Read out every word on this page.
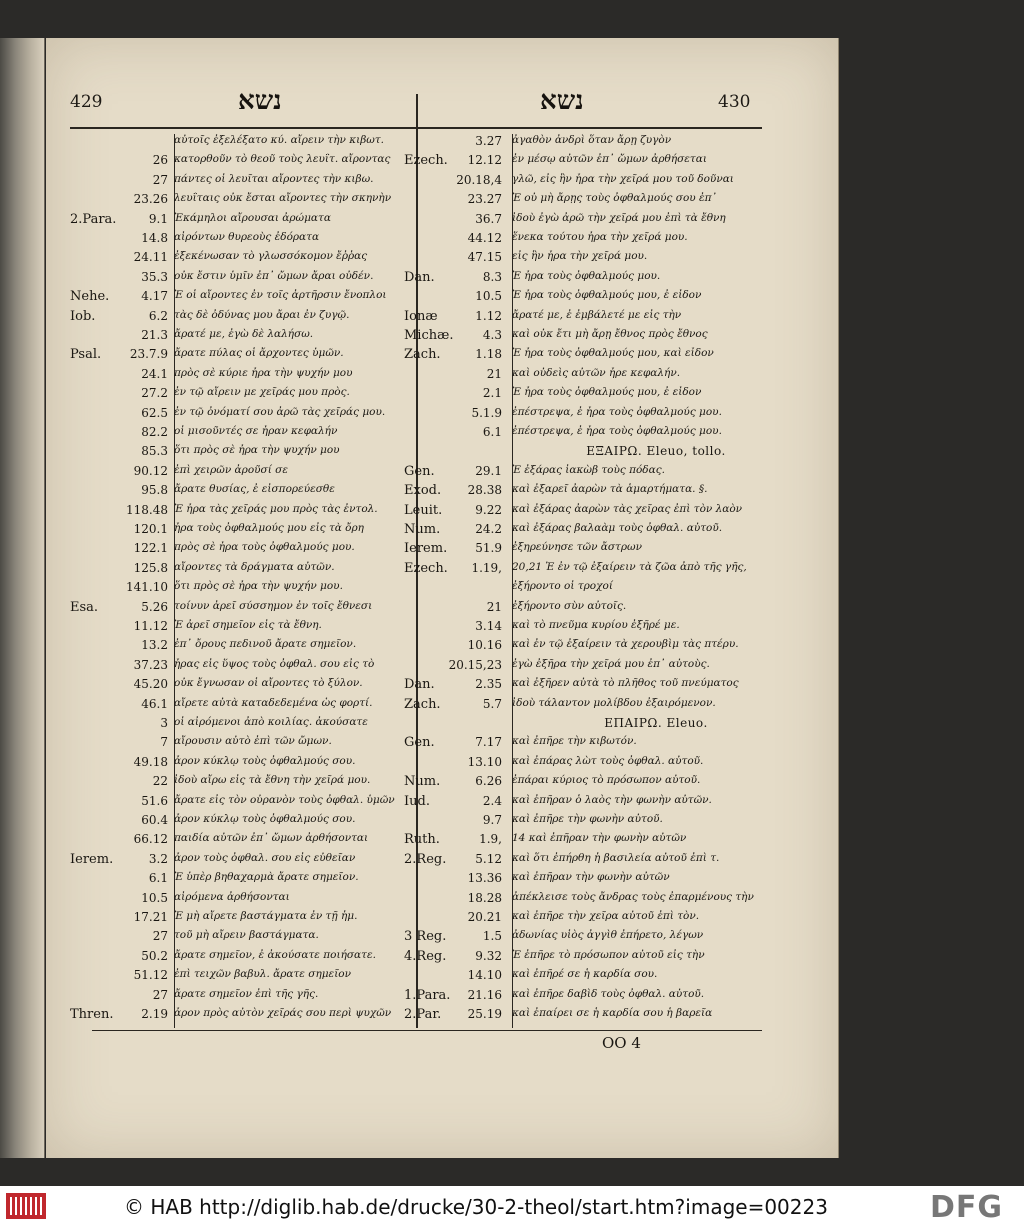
429	נשא	נשא	430
αὐτοῖς ἐξελέξατο κύ. αἴρειν τὴν κιβωτ.
26 κατορθοῦν τὸ θεοῦ τοὺς λευΐτ. αἴροντας
27 πάντες οἱ λευῖται αἴροντες τὴν κιβω.
23.26 λευΐταις οὐκ ἔσται αἴροντες τὴν σκηνὴν
2.Para.	9.1 Ἐκάμηλοι αἴρουσαι ἀρώματα
14.8 αἰρόντων θυρεοὺς ἐδόρατα
24.11 ἐξεκένωσαν τὸ γλωσσόκομον ἔῤῥας
35.3 οὐκ ἔστιν ὑμῖν ἐπ᾽ ὤμων ἄραι οὐδέν.
Nehe.	4.17 Ἐ οἱ αἴροντες ἐν τοῖς ἀρτῆρσιν ἔνοπλοι
Iob.	6.2 τὰς δὲ ὀδύνας μου ἄραι ἐν ζυγῷ.
21.3 ἄρατέ με, ἐγὼ δὲ λαλήσω.
Psal.	23.7.9 ἄρατε πύλας οἱ ἄρχοντες ὑμῶν.
24.1 πρὸς σὲ κύριε ἦρα τὴν ψυχήν μου
27.2 ἐν τῷ αἴρειν με χεῖράς μου πρὸς.
62.5 ἐν τῷ ὀνόματί σου ἀρῶ τὰς χεῖράς μου.
82.2 οἱ μισοῦντές σε ἦραν κεφαλήν
85.3 ὅτι πρὸς σὲ ἦρα τὴν ψυχήν μου
90.12 ἐπὶ χειρῶν ἀροῦσί σε
95.8 ἄρατε θυσίας, ἐ εἰσπορεύεσθε
118.48 Ἐ ἦρα τὰς χεῖράς μου πρὸς τὰς ἐντολ.
120.1 ἦρα τοὺς ὀφθαλμούς μου εἰς τὰ ὄρη
122.1 πρὸς σὲ ἦρα τοὺς ὀφθαλμούς μου.
125.8 αἴροντες τὰ δράγματα αὐτῶν.
141.10 ὅτι πρὸς σὲ ἦρα τὴν ψυχήν μου.
Esa.	5.26 τοίνυν ἀρεῖ σύσσημον ἐν τοῖς ἔθνεσι
11.12 Ἐ ἀρεῖ σημεῖον εἰς τὰ ἔθνη.
13.2 ἐπ᾽ ὄρους πεδινοῦ ἄρατε σημεῖον.
37.23 ἦρας εἰς ὕψος τοὺς ὀφθαλ. σου εἰς τὸ
45.20 οὐκ ἔγνωσαν οἱ αἴροντες τὸ ξύλον.
46.1 αἴρετε αὐτὰ καταδεδεμένα ὡς φορτί.
3 οἱ αἰρόμενοι ἀπὸ κοιλίας. ἀκούσατε
7 αἴρουσιν αὐτὸ ἐπὶ τῶν ὤμων.
49.18 ἆρον κύκλῳ τοὺς ὀφθαλμούς σου.
22 ἰδοὺ αἴρω εἰς τὰ ἔθνη τὴν χεῖρά μου.
51.6 ἄρατε εἰς τὸν οὐρανὸν τοὺς ὀφθαλ. ὑμῶν
60.4 ἆρον κύκλῳ τοὺς ὀφθαλμούς σου.
66.12 παιδία αὐτῶν ἐπ᾽ ὤμων ἀρθήσονται
Ierem.	3.2 ἆρον τοὺς ὀφθαλ. σου εἰς εὐθεῖαν
6.1 Ἐ ὑπὲρ βηθαχαρμὰ ἄρατε σημεῖον.
10.5 αἰρόμενα ἀρθήσονται
17.21 Ἐ μὴ αἴρετε βαστάγματα ἐν τῇ ἡμ.
27 τοῦ μὴ αἴρειν βαστάγματα.
50.2 ἄρατε σημεῖον, ἐ ἀκούσατε ποιήσατε.
51.12 ἐπὶ τειχῶν βαβυλ. ἄρατε σημεῖον
27 ἄρατε σημεῖον ἐπὶ τῆς γῆς.
Thren.	2.19 ἆρον πρὸς αὐτὸν χεῖράς σου περὶ ψυχῶν
3.27 ἀγαθὸν ἀνδρὶ ὅταν ἄρῃ ζυγὸν
Ezech.	12.12 ἐν μέσῳ αὐτῶν ἐπ᾽ ὤμων ἀρθήσεται
20.18,4 γλῶ, εἰς ἣν ἦρα τὴν χεῖρά μου τοῦ δοῦναι
23.27 Ἐ οὐ μὴ ἄρῃς τοὺς ὀφθαλμούς σου ἐπ᾽
36.7 ἰδοὺ ἐγὼ ἀρῶ τὴν χεῖρά μου ἐπὶ τὰ ἔθνη
44.12 ἕνεκα τούτου ἦρα τὴν χεῖρά μου.
47.15 εἰς ἣν ἦρα τὴν χεῖρά μου.
Dan.	8.3 Ἐ ἦρα τοὺς ὀφθαλμούς μου.
10.5 Ἐ ἦρα τοὺς ὀφθαλμούς μου, ἐ εἶδον
Ionæ	1.12 ἄρατέ με, ἐ ἐμβάλετέ με εἰς τὴν
Michæ.	4.3 καὶ οὐκ ἔτι μὴ ἄρῃ ἔθνος πρὸς ἔθνος
Zach.	1.18 Ἐ ἦρα τοὺς ὀφθαλμούς μου, καὶ εἶδον
21 καὶ οὐδεὶς αὐτῶν ἦρε κεφαλήν.
2.1 Ἐ ἦρα τοὺς ὀφθαλμούς μου, ἐ εἶδον
5.1.9 ἐπέστρεψα, ἐ ἦρα τοὺς ὀφθαλμούς μου.
6.1 ἐπέστρεψα, ἐ ἦρα τοὺς ὀφθαλμούς μου.
ΕΞΑΙΡΩ. Eleuo, tollo.
Gen.	29.1 Ἐ ἐξάρας ἰακὼβ τοὺς πόδας.
Exod.	28.38 καὶ ἐξαρεῖ ἀαρὼν τὰ ἁμαρτήματα. §.
Leuit.	9.22 καὶ ἐξάρας ἀαρὼν τὰς χεῖρας ἐπὶ τὸν λαὸν
Num.	24.2 καὶ ἐξάρας βαλαὰμ τοὺς ὀφθαλ. αὐτοῦ.
Ierem.	51.9 ἐξηρεύνησε τῶν ἄστρων
Ezech.	1.19, 20,21 Ἐ ἐν τῷ ἐξαίρειν τὰ ζῶα ἀπὸ τῆς γῆς,
ἐξήροντο οἱ τροχοί
21 ἐξήροντο σὺν αὐτοῖς.
3.14 καὶ τὸ πνεῦμα κυρίου ἐξῆρέ με.
10.16 καὶ ἐν τῷ ἐξαίρειν τὰ χερουβὶμ τὰς πτέρυ.
20.15,23 ἐγὼ ἐξῆρα τὴν χεῖρά μου ἐπ᾽ αὐτοὺς.
Dan.	2.35 καὶ ἐξῆρεν αὐτὰ τὸ πλῆθος τοῦ πνεύματος
Zach.	5.7 ἰδοὺ τάλαντον μολίβδου ἐξαιρόμενον.
ΕΠΑΙΡΩ. Eleuo.
Gen.	7.17 καὶ ἐπῆρε τὴν κιβωτόν.
13.10 καὶ ἐπάρας λὼτ τοὺς ὀφθαλ. αὐτοῦ.
Num.	6.26 ἐπάραι κύριος τὸ πρόσωπον αὐτοῦ.
Iud.	2.4 καὶ ἐπῆραν ὁ λαὸς τὴν φωνὴν αὐτῶν.
9.7 καὶ ἐπῆρε τὴν φωνὴν αὐτοῦ.
Ruth.	1.9, 14 καὶ ἐπῆραν τὴν φωνὴν αὐτῶν
2.Reg.	5.12 καὶ ὅτι ἐπήρθη ἡ βασιλεία αὐτοῦ ἐπὶ τ.
13.36 καὶ ἐπῆραν τὴν φωνὴν αὐτῶν
18.28 ἀπέκλεισε τοὺς ἄνδρας τοὺς ἐπαρμένους τὴν
20.21 καὶ ἐπῆρε τὴν χεῖρα αὐτοῦ ἐπὶ τὸν.
3 Reg.	1.5 ἀδωνίας υἱὸς ἀγγὶθ ἐπήρετο, λέγων
4.Reg.	9.32 Ἐ ἐπῆρε τὸ πρόσωπον αὐτοῦ εἰς τὴν
14.10 καὶ ἐπῆρέ σε ἡ καρδία σου.
1.Para.	21.16 καὶ ἐπῆρε δαβὶδ τοὺς ὀφθαλ. αὐτοῦ.
2.Par.	25.19 καὶ ἐπαίρει σε ἡ καρδία σου ἡ βαρεῖα
OO 4
© HAB http://diglib.hab.de/drucke/30-2-theol/start.htm?image=00223	DFG
